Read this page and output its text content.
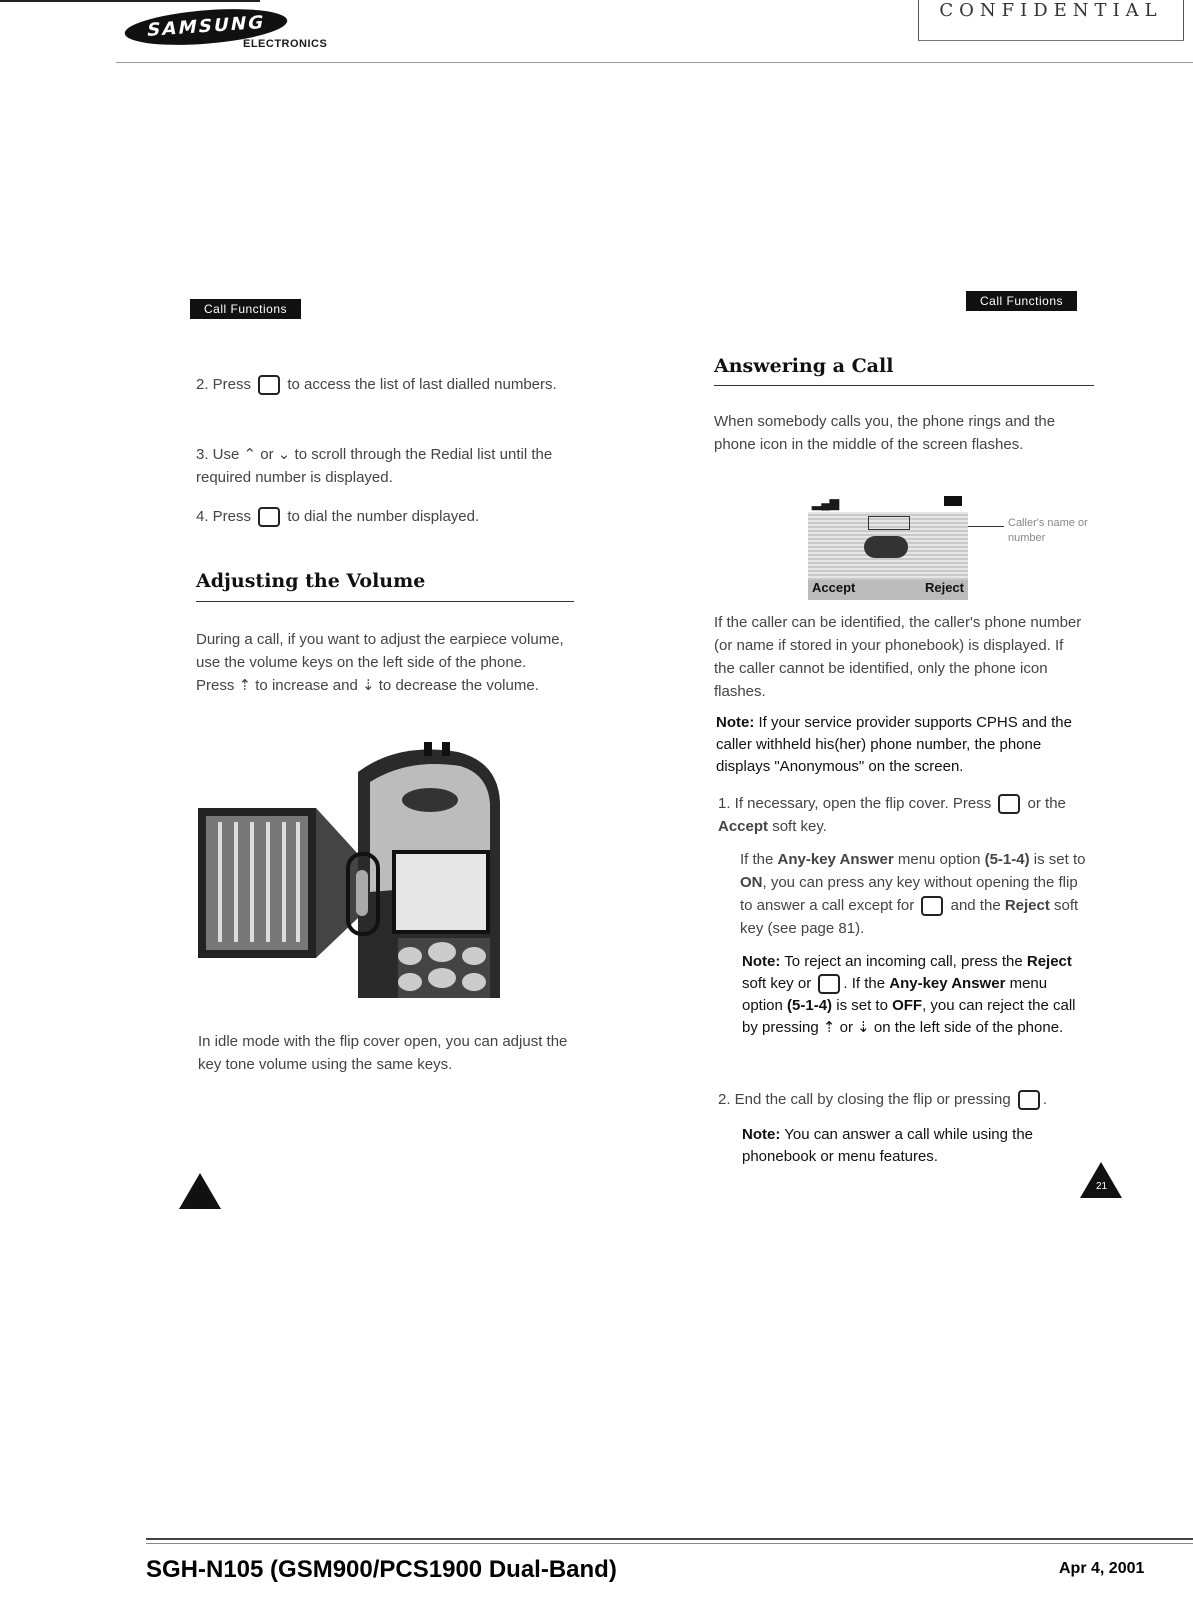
SAMSUNG
ELECTRONICS
CONFIDENTIAL
Call Functions
2. Press to access the list of last dialled numbers.
3. Use ⌃ or ⌄ to scroll through the Redial list until the required number is displayed.
4. Press to dial the number displayed.
Adjusting the Volume
During a call, if you want to adjust the earpiece volume, use the volume keys on the left side of the phone. Press ⇡ to increase and ⇣ to decrease the volume.
In idle mode with the flip cover open, you can adjust the key tone volume using the same keys.
Call Functions
Answering a Call
When somebody calls you, the phone rings and the phone icon in the middle of the screen flashes.
▂▄▆
Accept	Reject
Caller's name or number
If the caller can be identified, the caller's phone number (or name if stored in your phonebook) is displayed. If the caller cannot be identified, only the phone icon flashes.
Note: If your service provider supports CPHS and the caller withheld his(her) phone number, the phone displays "Anonymous" on the screen.
1. If necessary, open the flip cover. Press or the Accept soft key.
If the Any-key Answer menu option (5-1-4) is set to ON, you can press any key without opening the flip to answer a call except for and the Reject soft key (see page 81).
Note: To reject an incoming call, press the Reject soft key or . If the Any-key Answer menu option (5-1-4) is set to OFF, you can reject the call by pressing ⇡ or ⇣ on the left side of the phone.
2. End the call by closing the flip or pressing .
Note: You can answer a call while using the phonebook or menu features.
21
SGH-N105 (GSM900/PCS1900 Dual-Band)	Apr 4, 2001
